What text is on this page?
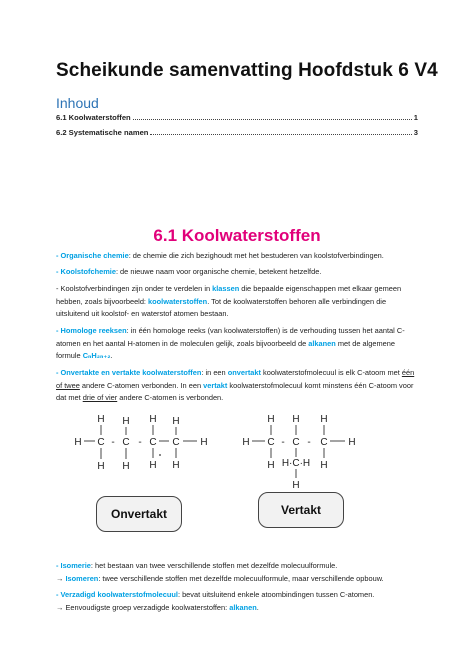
Scheikunde samenvatting Hoofdstuk 6 V4
Inhoud
6.1 Koolwaterstoffen	1
6.2 Systematische namen	3
6.1 Koolwaterstoffen
- Organische chemie: de chemie die zich bezighoudt met het bestuderen van koolstofverbindingen.
- Koolstofchemie: de nieuwe naam voor organische chemie, betekent hetzelfde.
- Koolstofverbindingen zijn onder te verdelen in klassen die bepaalde eigenschappen met elkaar gemeen hebben, zoals bijvoorbeeld: koolwaterstoffen. Tot de koolwaterstoffen behoren alle verbindingen die uitsluitend uit koolstof- en waterstof atomen bestaan.
- Homologe reeksen: in één homologe reeks (van koolwaterstoffen) is de verhouding tussen het aantal C-atomen en het aantal H-atomen in de moleculen gelijk, zoals bijvoorbeeld de alkanen met de algemene formule CₙH₂ₙ₊₂.
- Onvertakte en vertakte koolwaterstoffen: in een onvertakt koolwaterstofmolecuul is elk C-atoom met één of twee andere C-atomen verbonden. In een vertakt koolwaterstofmolecuul komt minstens één C-atoom voor dat met drie of vier andere C-atomen is verbonden.
H H H H
H C C C C H
H H H H
- -
H H H
H C C C H
- -
H H·C·H H
H
Onvertakt	Vertakt
- Isomerie: het bestaan van twee verschillende stoffen met dezelfde molecuulformule.
→ Isomeren: twee verschillende stoffen met dezelfde molecuulformule, maar verschillende opbouw.
- Verzadigd koolwaterstofmolecuul: bevat uitsluitend enkele atoombindingen tussen C-atomen.
→ Eenvoudigste groep verzadigde koolwaterstoffen: alkanen.
